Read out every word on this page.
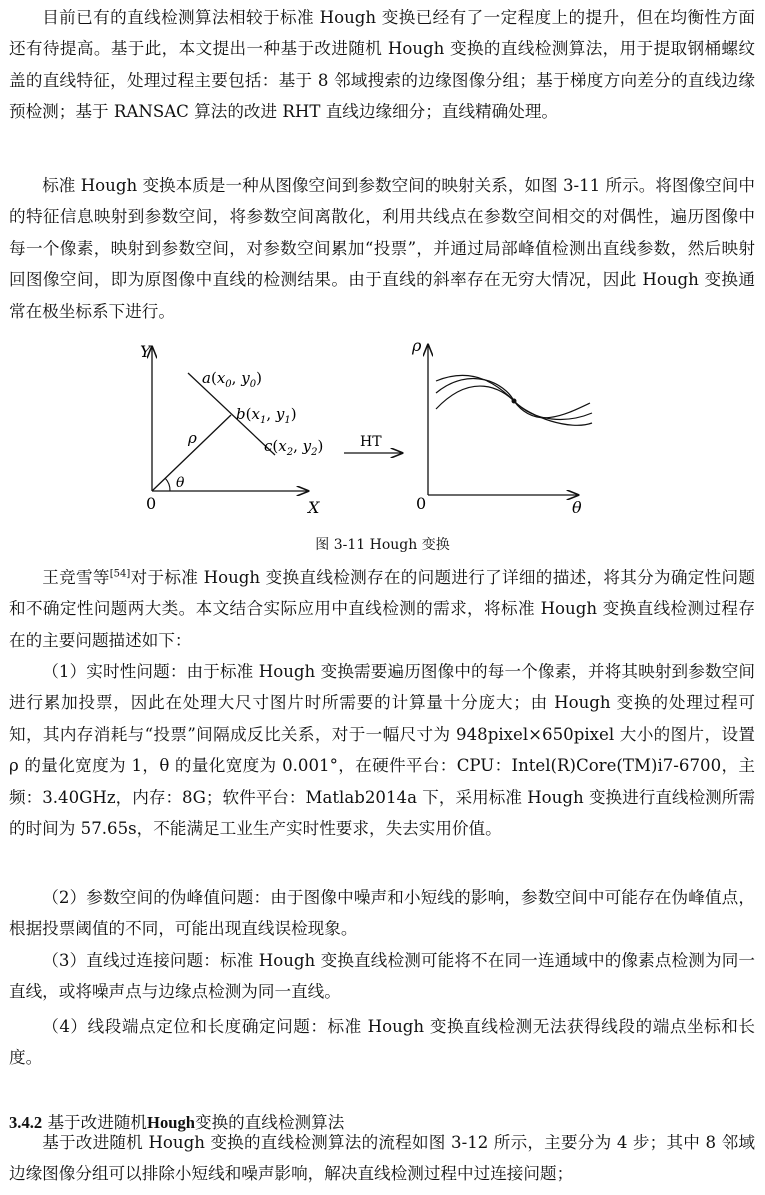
目前已有的直线检测算法相较于标准 Hough 变换已经有了一定程度上的提升，但在均衡性方面还有待提高。基于此，本文提出一种基于改进随机 Hough 变换的直线检测算法，用于提取钢桶螺纹盖的直线特征，处理过程主要包括：基于 8 邻域搜索的边缘图像分组；基于梯度方向差分的直线边缘预检测；基于 RANSAC 算法的改进 RHT 直线边缘细分；直线精确处理。

标准 Hough 变换本质是一种从图像空间到参数空间的映射关系，如图 3-11 所示。将图像空间中的特征信息映射到参数空间，将参数空间离散化，利用共线点在参数空间相交的对偶性，遍历图像中每一个像素，映射到参数空间，对参数空间累加“投票”，并通过局部峰值检测出直线参数，然后映射回图像空间，即为原图像中直线的检测结果。由于直线的斜率存在无穷大情况，因此 Hough 变换通常在极坐标系下进行。

Y
X
0
ρ
θ
$a(x_0$, $y_0$)
$b(x_1$, $y_1$)
$c(x_2$, $y_2$)	HT
ρ
θ
0
图 3-11 Hough 变换

王竞雪等[54]对于标准 Hough 变换直线检测存在的问题进行了详细的描述，将其分为确定性问题和不确定性问题两大类。本文结合实际应用中直线检测的需求，将标准 Hough 变换直线检测过程存在的主要问题描述如下：

（1）实时性问题：由于标准 Hough 变换需要遍历图像中的每一个像素，并将其映射到参数空间进行累加投票，因此在处理大尺寸图片时所需要的计算量十分庞大；由 Hough 变换的处理过程可知，其内存消耗与“投票”间隔成反比关系，对于一幅尺寸为 948pixel×650pixel 大小的图片，设置 ρ 的量化宽度为 1，θ 的量化宽度为 0.001°，在硬件平台：CPU：Intel(R)Core(TM)i7-6700，主频：3.40GHz，内存：8G；软件平台：Matlab2014a 下，采用标准 Hough 变换进行直线检测所需的时间为 57.65s，不能满足工业生产实时性要求，失去实用价值。

（2）参数空间的伪峰值问题：由于图像中噪声和小短线的影响，参数空间中可能存在伪峰值点，根据投票阈值的不同，可能出现直线误检现象。

（3）直线过连接问题：标准 Hough 变换直线检测可能将不在同一连通域中的像素点检测为同一直线，或将噪声点与边缘点检测为同一直线。

（4）线段端点定位和长度确定问题：标准 Hough 变换直线检测无法获得线段的端点坐标和长度。

3.4.2 基于改进随机Hough变换的直线检测算法

基于改进随机 Hough 变换的直线检测算法的流程如图 3-12 所示，主要分为 4 步；其中 8 邻域边缘图像分组可以排除小短线和噪声影响，解决直线检测过程中过连接问题；
